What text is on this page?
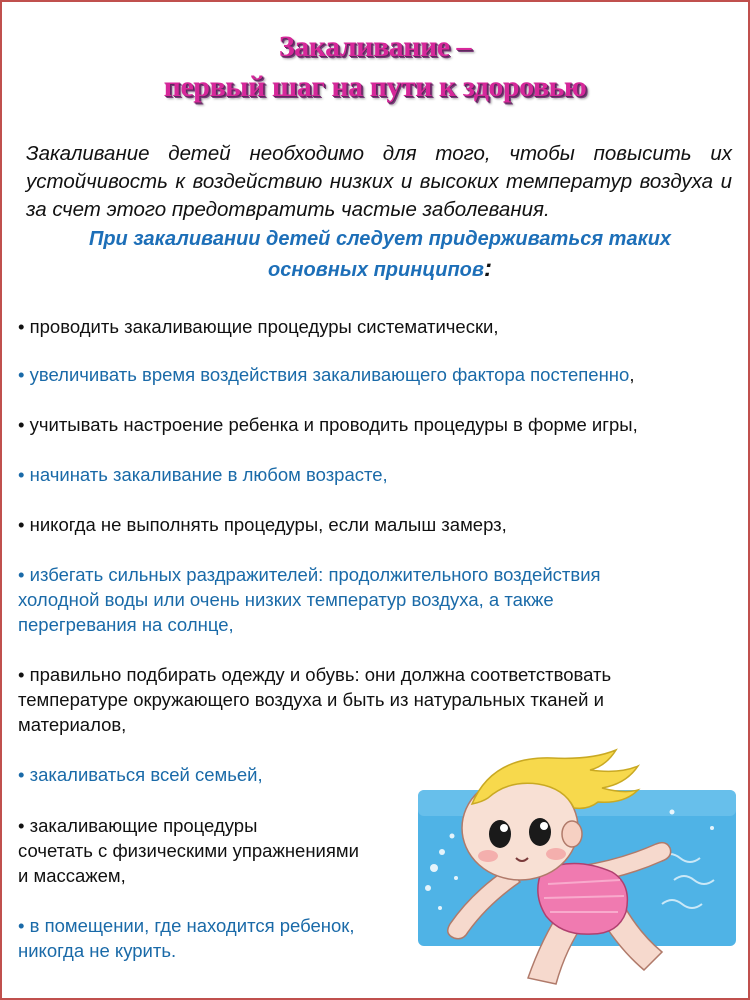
Закаливание –
первый шаг на пути к здоровью
Закаливание детей необходимо для того, чтобы повысить их устойчивость к воздействию низких и высоких температур воздуха и за счет этого предотвратить частые заболевания.
При закаливании детей следует придерживаться таких
основных принципов:
• проводить закаливающие процедуры систематически,
• увеличивать время воздействия закаливающего фактора постепенно,
• учитывать настроение ребенка и проводить процедуры в форме игры,
• начинать закаливание в любом возрасте,
• никогда не выполнять процедуры, если малыш замерз,
• избегать сильных раздражителей: продолжительного воздействия
холодной воды или очень низких температур воздуха, а также
перегревания на солнце,
• правильно подбирать одежду и обувь: они должна соответствовать
температуре окружающего воздуха и быть из натуральных тканей и
материалов,
• закаливаться всей семьей,
• закаливающие процедуры
сочетать с физическими упражнениями
и массажем,
• в помещении, где находится ребенок,
никогда не курить.
